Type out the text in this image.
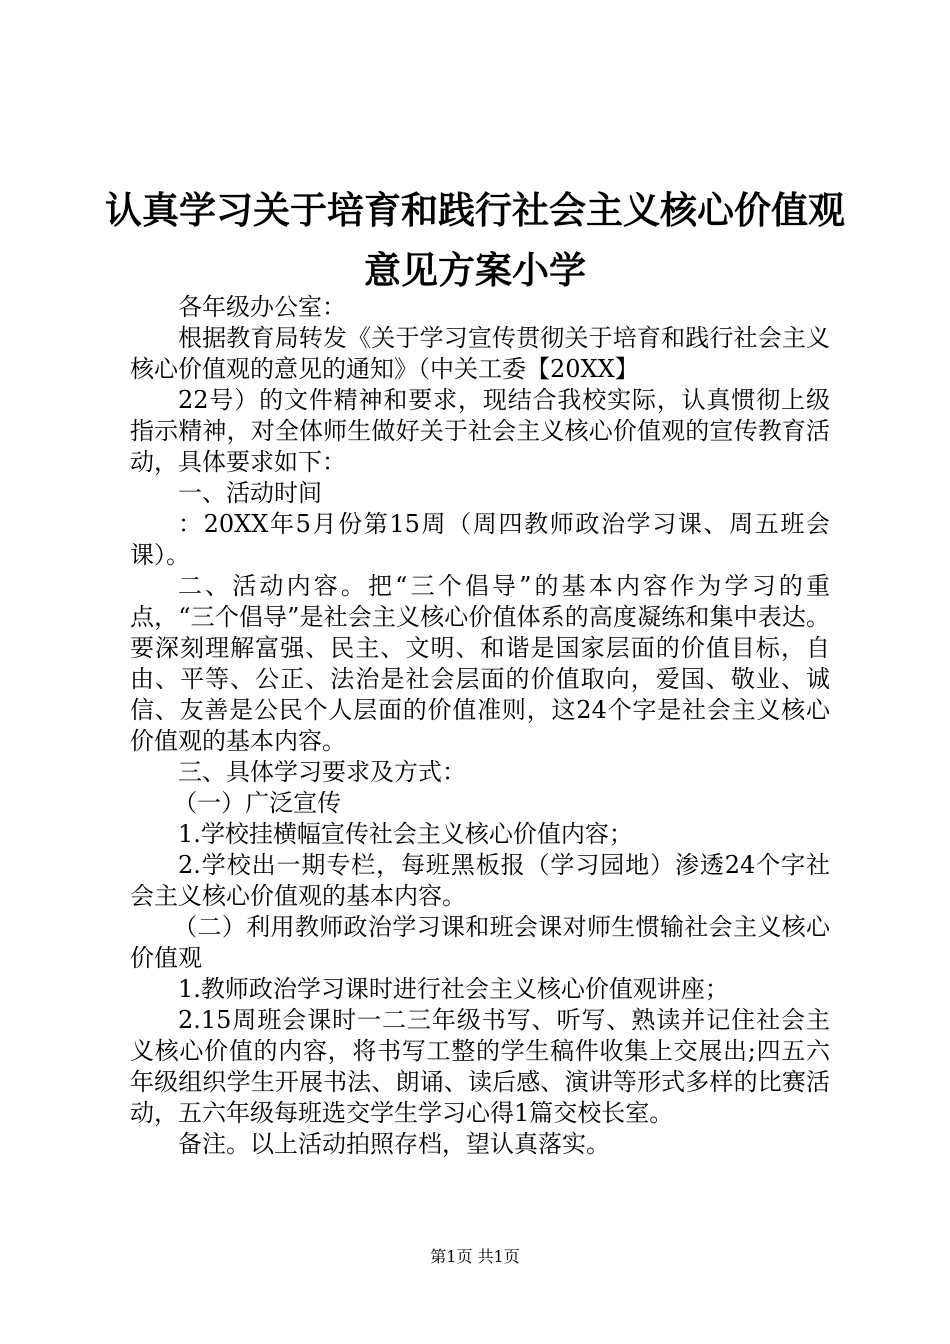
认真学习关于培育和践行社会主义核心价值观
意见方案小学

各年级办公室：

根据教育局转发《关于学习宣传贯彻关于培育和践行社会主义核心价值观的意见的通知》（中关工委【20XX】

22号）的文件精神和要求，现结合我校实际，认真惯彻上级指示精神，对全体师生做好关于社会主义核心价值观的宣传教育活动，具体要求如下：

一、活动时间

：20XX年5月份第15周（周四教师政治学习课、周五班会课）。

二、活动内容。把“三个倡导”的基本内容作为学习的重点，“三个倡导”是社会主义核心价值体系的高度凝练和集中表达。要深刻理解富强、民主、文明、和谐是国家层面的价值目标，自由、平等、公正、法治是社会层面的价值取向，爱国、敬业、诚信、友善是公民个人层面的价值准则，这24个字是社会主义核心价值观的基本内容。

三、具体学习要求及方式：

（一）广泛宣传

1.学校挂横幅宣传社会主义核心价值内容；

2.学校出一期专栏，每班黑板报（学习园地）渗透24个字社会主义核心价值观的基本内容。

（二）利用教师政治学习课和班会课对师生惯输社会主义核心价值观

1.教师政治学习课时进行社会主义核心价值观讲座；

2.15周班会课时一二三年级书写、听写、熟读并记住社会主义核心价值的内容，将书写工整的学生稿件收集上交展出;四五六年级组织学生开展书法、朗诵、读后感、演讲等形式多样的比赛活动，五六年级每班选交学生学习心得1篇交校长室。

备注。以上活动拍照存档，望认真落实。

第1页 共1页
